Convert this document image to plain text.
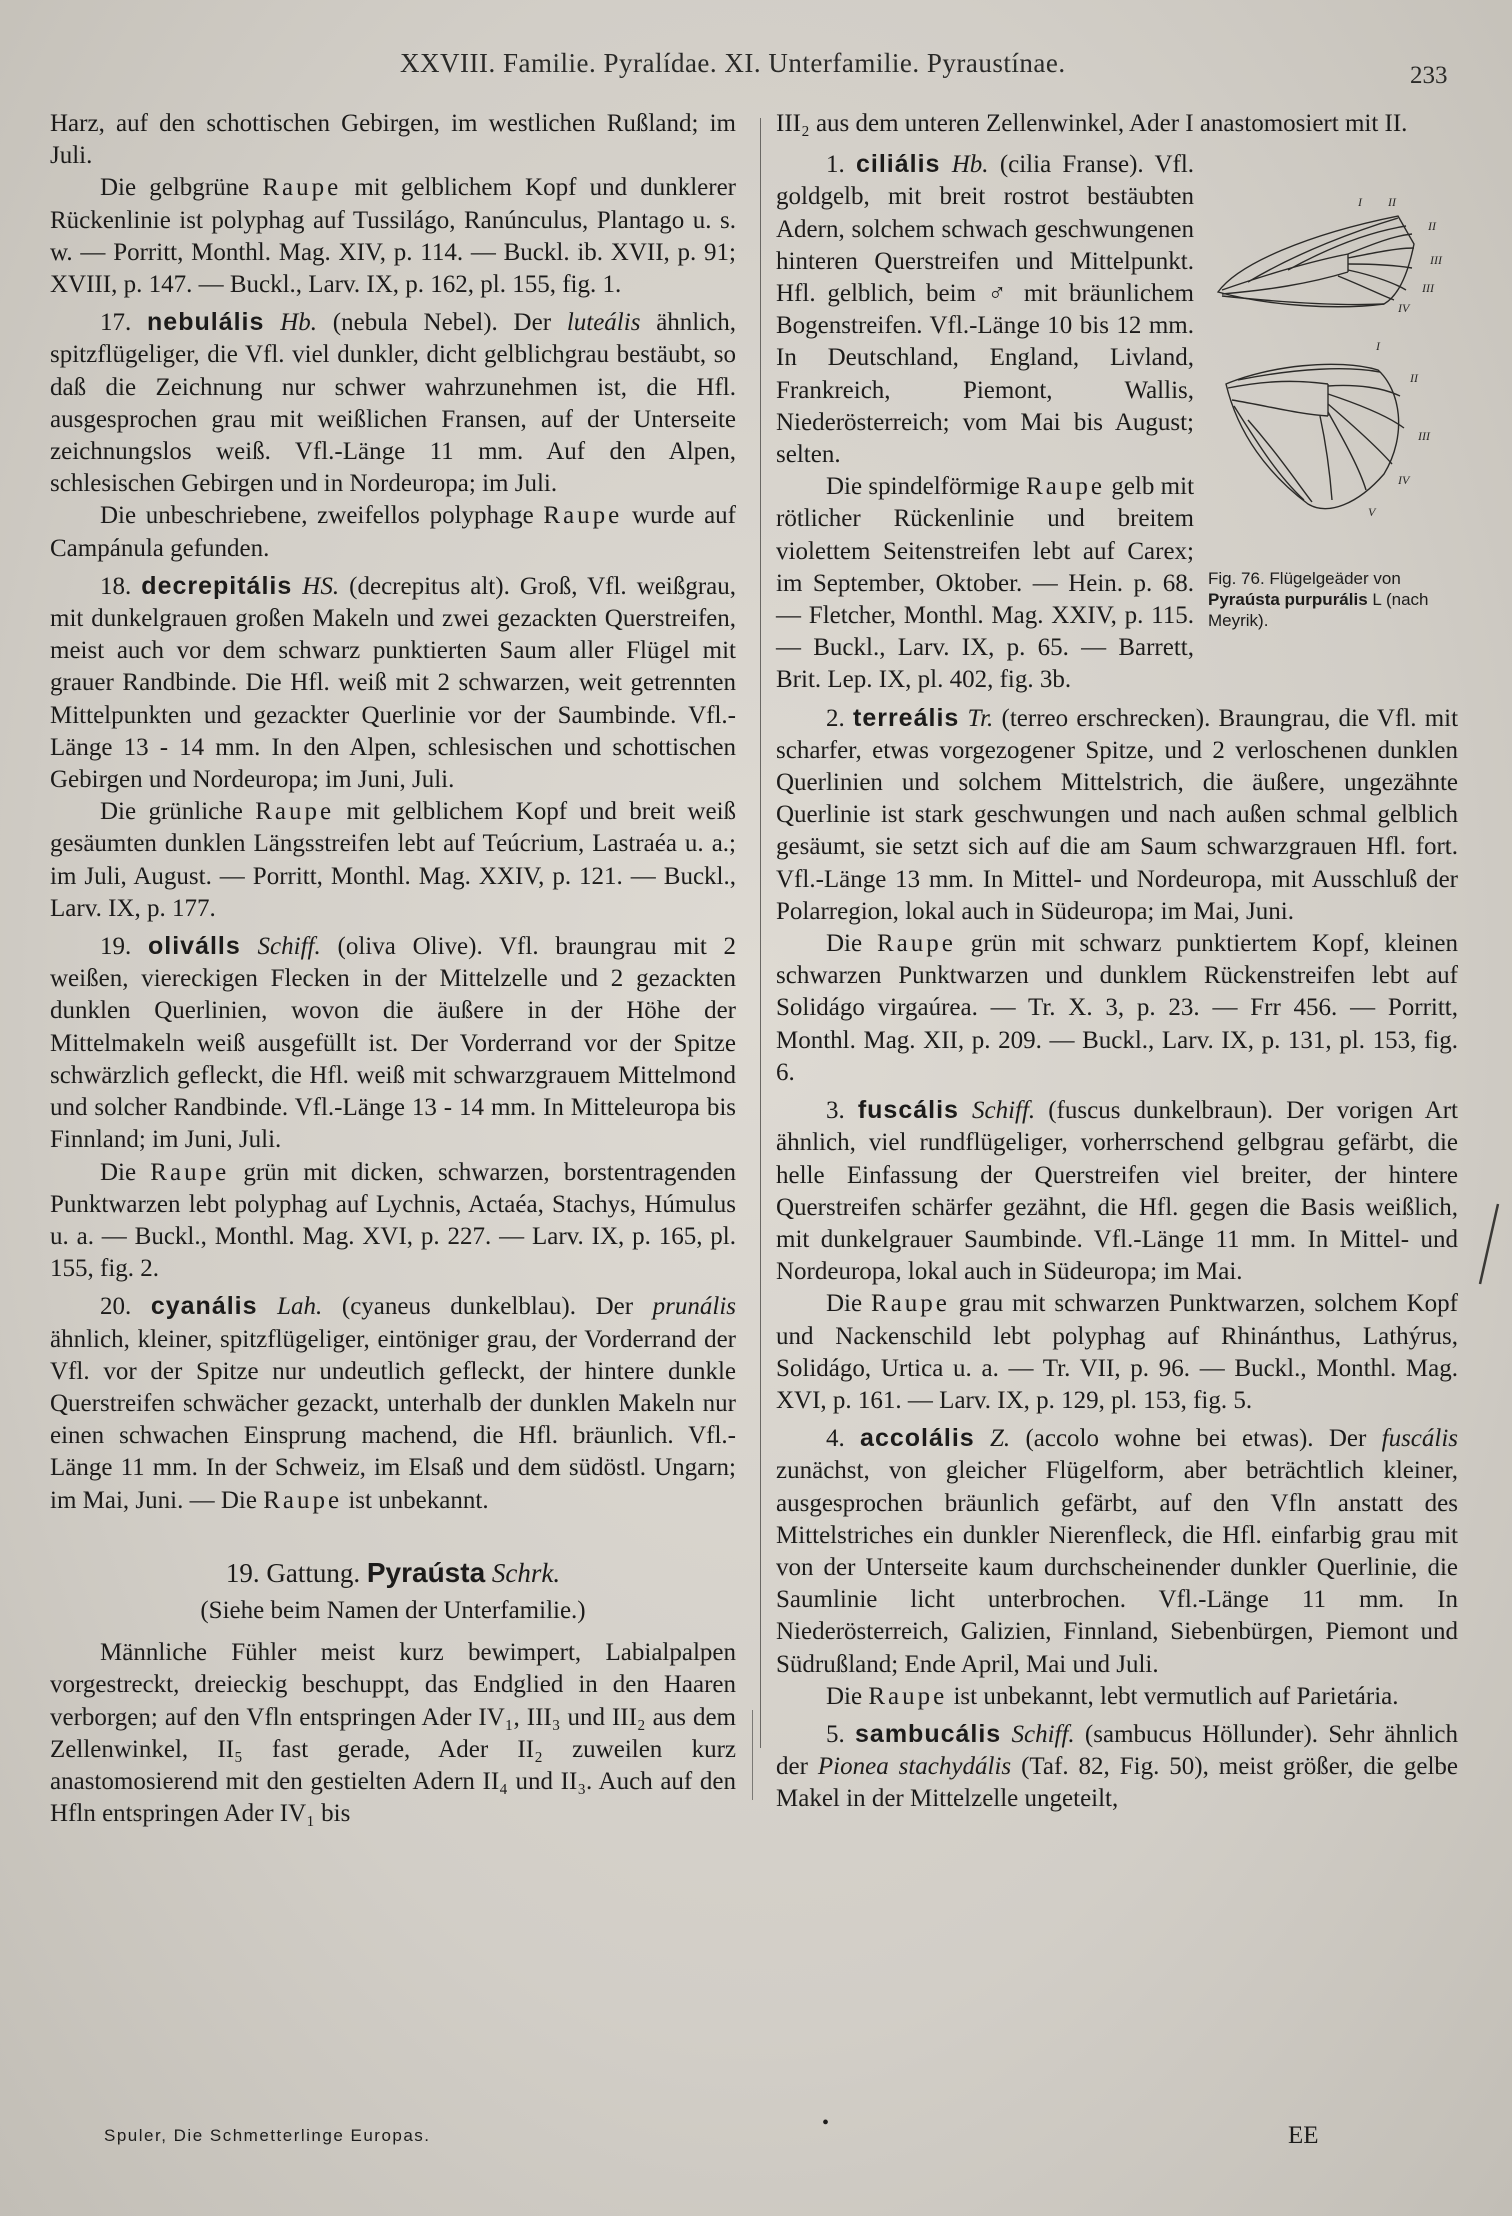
XXVIII. Familie. Pyralídae. XI. Unterfamilie. Pyraustínae.	233

Harz, auf den schottischen Gebirgen, im westlichen Rußland; im Juli.

Die gelbgrüne Raupe mit gelblichem Kopf und dunklerer Rückenlinie ist polyphag auf Tussilágo, Ranúnculus, Plantago u. s. w. — Porritt, Monthl. Mag. XIV, p. 114. — Buckl. ib. XVII, p. 91; XVIII, p. 147. — Buckl., Larv. IX, p. 162, pl. 155, fig. 1.

17. nebulális Hb. (nebula Nebel). Der luteális ähnlich, spitzflügeliger, die Vfl. viel dunkler, dicht gelblichgrau bestäubt, so daß die Zeichnung nur schwer wahrzunehmen ist, die Hfl. ausgesprochen grau mit weißlichen Fransen, auf der Unterseite zeichnungslos weiß. Vfl.-Länge 11 mm. Auf den Alpen, schlesischen Gebirgen und in Nordeuropa; im Juli.

Die unbeschriebene, zweifellos polyphage Raupe wurde auf Campánula gefunden.

18. decrepitális HS. (decrepitus alt). Groß, Vfl. weißgrau, mit dunkelgrauen großen Makeln und zwei gezackten Querstreifen, meist auch vor dem schwarz punktierten Saum aller Flügel mit grauer Randbinde. Die Hfl. weiß mit 2 schwarzen, weit getrennten Mittelpunkten und gezackter Querlinie vor der Saumbinde. Vfl.-Länge 13 - 14 mm. In den Alpen, schlesischen und schottischen Gebirgen und Nordeuropa; im Juni, Juli.

Die grünliche Raupe mit gelblichem Kopf und breit weiß gesäumten dunklen Längsstreifen lebt auf Teúcrium, Lastraéa u. a.; im Juli, August. — Porritt, Monthl. Mag. XXIV, p. 121. — Buckl., Larv. IX, p. 177.

19. oliválls Schiff. (oliva Olive). Vfl. braungrau mit 2 weißen, viereckigen Flecken in der Mittelzelle und 2 gezackten dunklen Querlinien, wovon die äußere in der Höhe der Mittelmakeln weiß ausgefüllt ist. Der Vorderrand vor der Spitze schwärzlich gefleckt, die Hfl. weiß mit schwarzgrauem Mittelmond und solcher Randbinde. Vfl.-Länge 13 - 14 mm. In Mitteleuropa bis Finnland; im Juni, Juli.

Die Raupe grün mit dicken, schwarzen, borstentragenden Punktwarzen lebt polyphag auf Lychnis, Actaéa, Stachys, Húmulus u. a. — Buckl., Monthl. Mag. XVI, p. 227. — Larv. IX, p. 165, pl. 155, fig. 2.

20. cyanális Lah. (cyaneus dunkelblau). Der prunális ähnlich, kleiner, spitzflügeliger, eintöniger grau, der Vorderrand der Vfl. vor der Spitze nur undeutlich gefleckt, der hintere dunkle Querstreifen schwächer gezackt, unterhalb der dunklen Makeln nur einen schwachen Einsprung machend, die Hfl. bräunlich. Vfl.-Länge 11 mm. In der Schweiz, im Elsaß und dem südöstl. Ungarn; im Mai, Juni. — Die Raupe ist unbekannt.

19. Gattung. Pyraústa Schrk.

(Siehe beim Namen der Unterfamilie.)

Männliche Fühler meist kurz bewimpert, Labialpalpen vorgestreckt, dreieckig beschuppt, das Endglied in den Haaren verborgen; auf den Vfln entspringen Ader IV₁, III₃ und III₂ aus dem Zellenwinkel, II₅ fast gerade, Ader II₂ zuweilen kurz anastomosierend mit den gestielten Adern II₄ und II₃. Auch auf den Hfln entspringen Ader IV₁ bis

III₂ aus dem unteren Zellenwinkel, Ader I anastomosiert mit II.

I II
II
III
III
IV
I
II
III
IV
V
Fig. 76. Flügelgeäder von Pyraústa purpurális L (nach Meyrik).

1. ciliális Hb. (cilia Franse). Vfl. goldgelb, mit breit rostrot bestäubten Adern, solchem schwach geschwungenen hinteren Querstreifen und Mittelpunkt. Hfl. gelblich, beim ♂ mit bräunlichem Bogenstreifen. Vfl.-Länge 10 bis 12 mm. In Deutschland, England, Livland, Frankreich, Piemont, Wallis, Niederösterreich; vom Mai bis August; selten.

Die spindelförmige Raupe gelb mit rötlicher Rückenlinie und breitem violettem Seitenstreifen lebt auf Carex; im September, Oktober. — Hein. p. 68. — Fletcher, Monthl. Mag. XXIV, p. 115. — Buckl., Larv. IX, p. 65. — Barrett, Brit. Lep. IX, pl. 402, fig. 3b.

2. terreális Tr. (terreo erschrecken). Braungrau, die Vfl. mit scharfer, etwas vorgezogener Spitze, und 2 verloschenen dunklen Querlinien und solchem Mittelstrich, die äußere, ungezähnte Querlinie ist stark geschwungen und nach außen schmal gelblich gesäumt, sie setzt sich auf die am Saum schwarzgrauen Hfl. fort. Vfl.-Länge 13 mm. In Mittel- und Nordeuropa, mit Ausschluß der Polarregion, lokal auch in Südeuropa; im Mai, Juni.

Die Raupe grün mit schwarz punktiertem Kopf, kleinen schwarzen Punktwarzen und dunklem Rückenstreifen lebt auf Solidágo virgaúrea. — Tr. X. 3, p. 23. — Frr 456. — Porritt, Monthl. Mag. XII, p. 209. — Buckl., Larv. IX, p. 131, pl. 153, fig. 6.

3. fuscális Schiff. (fuscus dunkelbraun). Der vorigen Art ähnlich, viel rundflügeliger, vorherrschend gelbgrau gefärbt, die helle Einfassung der Querstreifen viel breiter, der hintere Querstreifen schärfer gezähnt, die Hfl. gegen die Basis weißlich, mit dunkelgrauer Saumbinde. Vfl.-Länge 11 mm. In Mittel- und Nordeuropa, lokal auch in Südeuropa; im Mai.

Die Raupe grau mit schwarzen Punktwarzen, solchem Kopf und Nackenschild lebt polyphag auf Rhinánthus, Lathýrus, Solidágo, Urtica u. a. — Tr. VII, p. 96. — Buckl., Monthl. Mag. XVI, p. 161. — Larv. IX, p. 129, pl. 153, fig. 5.

4. accolális Z. (accolo wohne bei etwas). Der fuscális zunächst, von gleicher Flügelform, aber beträchtlich kleiner, ausgesprochen bräunlich gefärbt, auf den Vfln anstatt des Mittelstriches ein dunkler Nierenfleck, die Hfl. einfarbig grau mit von der Unterseite kaum durchscheinender dunkler Querlinie, die Saumlinie licht unterbrochen. Vfl.-Länge 11 mm. In Niederösterreich, Galizien, Finnland, Siebenbürgen, Piemont und Südrußland; Ende April, Mai und Juli.

Die Raupe ist unbekannt, lebt vermutlich auf Parietária.

5. sambucális Schiff. (sambucus Höllunder). Sehr ähnlich der Pionea stachydális (Taf. 82, Fig. 50), meist größer, die gelbe Makel in der Mittelzelle ungeteilt,

Spuler, Die Schmetterlinge Europas.
•	EE
